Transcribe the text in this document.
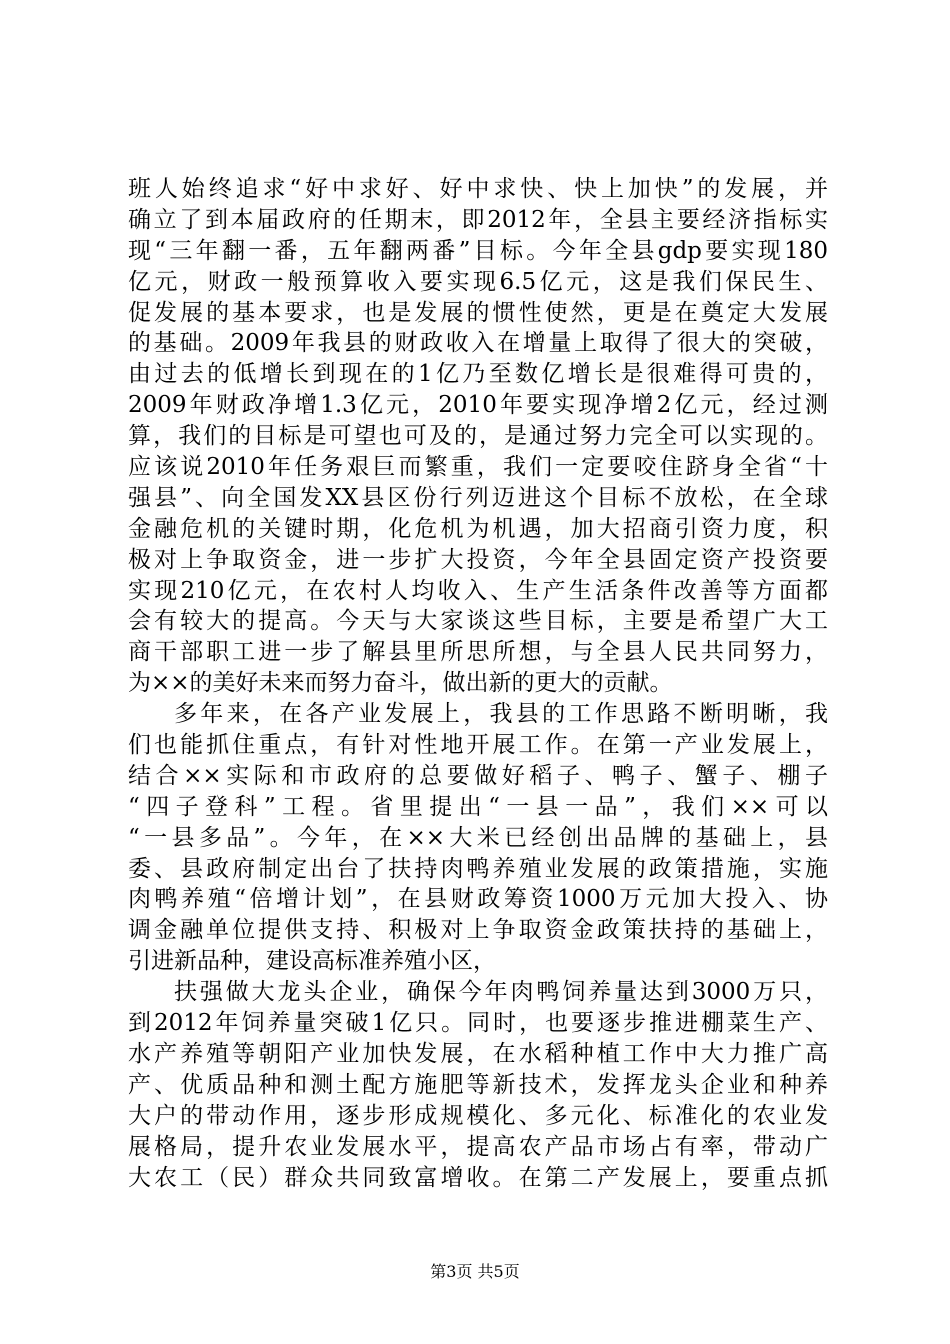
班人始终追求“好中求好、好中求快、快上加快”的发展，并
确立了到本届政府的任期末，即2012年，全县主要经济指标实
现“三年翻一番，五年翻两番”目标。今年全县gdp要实现180
亿元，财政一般预算收入要实现6.5亿元，这是我们保民生、
促发展的基本要求，也是发展的惯性使然，更是在奠定大发展
的基础。2009年我县的财政收入在增量上取得了很大的突破，
由过去的低增长到现在的1亿乃至数亿增长是很难得可贵的，
2009年财政净增1.3亿元，2010年要实现净增2亿元，经过测
算，我们的目标是可望也可及的，是通过努力完全可以实现的。
应该说2010年任务艰巨而繁重，我们一定要咬住跻身全省“十
强县”、向全国发XX县区份行列迈进这个目标不放松，在全球
金融危机的关键时期，化危机为机遇，加大招商引资力度，积
极对上争取资金，进一步扩大投资，今年全县固定资产投资要
实现210亿元，在农村人均收入、生产生活条件改善等方面都
会有较大的提高。今天与大家谈这些目标，主要是希望广大工
商干部职工进一步了解县里所思所想，与全县人民共同努力，
为××的美好未来而努力奋斗，做出新的更大的贡献。
多年来，在各产业发展上，我县的工作思路不断明晰，我
们也能抓住重点，有针对性地开展工作。在第一产业发展上，
结合××实际和市政府的总要做好稻子、鸭子、蟹子、棚子
“四子登科”工程。省里提出“一县一品”，我们××可以
“一县多品”。今年，在××大米已经创出品牌的基础上，县
委、县政府制定出台了扶持肉鸭养殖业发展的政策措施，实施
肉鸭养殖“倍增计划”，在县财政筹资1000万元加大投入、协
调金融单位提供支持、积极对上争取资金政策扶持的基础上，
引进新品种，建设高标准养殖小区，
扶强做大龙头企业，确保今年肉鸭饲养量达到3000万只，
到2012年饲养量突破1亿只。同时，也要逐步推进棚菜生产、
水产养殖等朝阳产业加快发展，在水稻种植工作中大力推广高
产、优质品种和测土配方施肥等新技术，发挥龙头企业和种养
大户的带动作用，逐步形成规模化、多元化、标准化的农业发
展格局，提升农业发展水平，提高农产品市场占有率，带动广
大农工（民）群众共同致富增收。在第二产发展上，要重点抓
第3页 共5页
